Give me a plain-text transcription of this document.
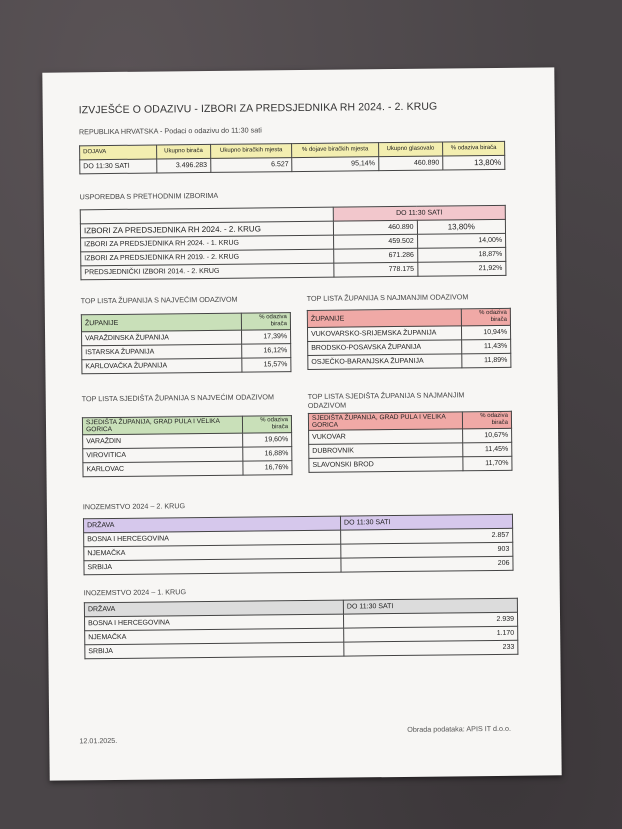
IZVJEŠĆE O ODAZIVU - IZBORI ZA PREDSJEDNIKA RH 2024. - 2. KRUG
REPUBLIKA HRVATSKA - Podaci o odazivu do 11:30 sati
DOJAVA	Ukupno birača	Ukupno biračkih mjesta	% dojave biračkih mjesta	Ukupno glasovalo	% odaziva birača
DO 11:30 SATI	3.496.283	6.527	95,14%	460.890	13,80%
USPOREDBA S PRETHODNIM IZBORIMA
	DO 11:30 SATI	
IZBORI ZA PREDSJEDNIKA RH 2024. - 2. KRUG	460.890	13,80%
IZBORI ZA PREDSJEDNIKA RH 2024. - 1. KRUG	459.502	14,00%
IZBORI ZA PREDSJEDNIKA RH 2019. - 2. KRUG	671.286	18,87%
PREDSJEDNIČKI IZBORI 2014. - 2. KRUG	778.175	21,92%
TOP LISTA ŽUPANIJA S NAJVEĆIM ODAZIVOM
ŽUPANIJE	% odaziva birača
VARAŽDINSKA ŽUPANIJA	17,39%
ISTARSKA ŽUPANIJA	16,12%
KARLOVAČKA ŽUPANIJA	15,57%
TOP LISTA ŽUPANIJA S NAJMANJIM ODAZIVOM
ŽUPANIJE	% odaziva birača
VUKOVARSKO-SRIJEMSKA ŽUPANIJA	10,94%
BRODSKO-POSAVSKA ŽUPANIJA	11,43%
OSJEČKO-BARANJSKA ŽUPANIJA	11,89%
TOP LISTA SJEDIŠTA ŽUPANIJA S NAJVEĆIM ODAZIVOM
SJEDIŠTA ŽUPANIJA, GRAD PULA I VELIKA GORICA	% odaziva birača
VARAŽDIN	19,60%
VIROVITICA	16,88%
KARLOVAC	16,76%
TOP LISTA SJEDIŠTA ŽUPANIJA S NAJMANJIM ODAZIVOM
SJEDIŠTA ŽUPANIJA, GRAD PULA I VELIKA GORICA	% odaziva birača
VUKOVAR	10,67%
DUBROVNIK	11,45%
SLAVONSKI BROD	11,70%
INOZEMSTVO 2024 – 2. KRUG
DRŽAVA	DO 11:30 SATI
BOSNA I HERCEGOVINA	2.857
NJEMAČKA	903
SRBIJA	206
INOZEMSTVO 2024 – 1. KRUG
DRŽAVA	DO 11:30 SATI
BOSNA I HERCEGOVINA	2.939
NJEMAČKA	1.170
SRBIJA	233
12.01.2025.
Obrada podataka: APIS IT d.o.o.
